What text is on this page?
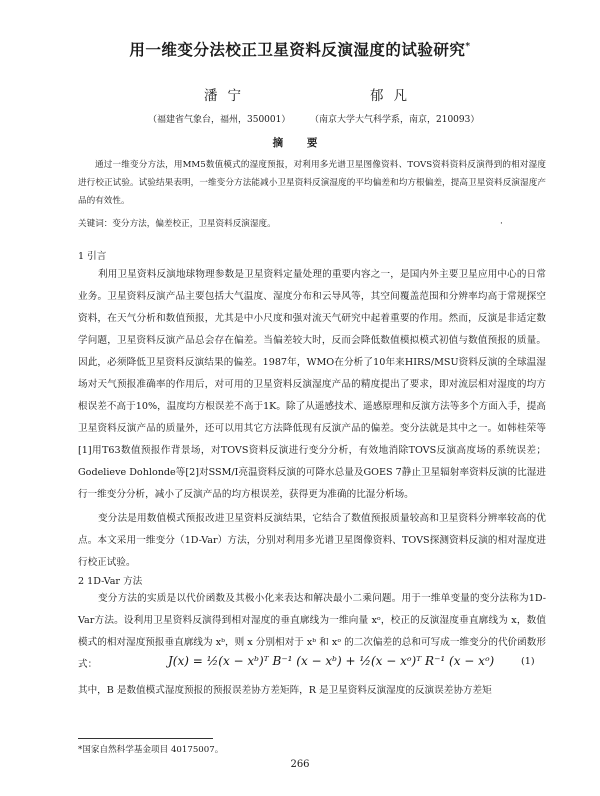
用一维变分法校正卫星资料反演湿度的试验研究*
潘宁	郁凡
（福建省气象台，福州，350001） （南京大学大气科学系，南京，210093）
摘 要

通过一维变分方法，用MM5数值模式的湿度预报，对利用多光谱卫星图像资料、TOVS资料资料反演得到的相对湿度进行校正试验。试验结果表明，一维变分方法能减小卫星资料反演湿度的平均偏差和均方根偏差，提高卫星资料反演湿度产品的有效性。

关键词：变分方法，偏差校正，卫星资料反演湿度。	·
1 引言

利用卫星资料反演地球物理参数是卫星资料定量处理的重要内容之一，是国内外主要卫星应用中心的日常业务。卫星资料反演产品主要包括大气温度、湿度分布和云导风等，其空间覆盖范围和分辨率均高于常规探空资料，在天气分析和数值预报，尤其是中小尺度和强对流天气研究中起着重要的作用。然而，反演是非适定数学问题，卫星资料反演产品总会存在偏差。当偏差较大时，反而会降低数值模拟模式初值与数值预报的质量。因此，必须降低卫星资料反演结果的偏差。1987年，WMO在分析了10年来HIRS/MSU资料反演的全球温湿场对天气预报准确率的作用后，对可用的卫星资料反演湿度产品的精度提出了要求，即对流层相对湿度的均方根误差不高于10%，温度均方根误差不高于1K。除了从遥感技术、遥感原理和反演方法等多个方面入手，提高卫星资料反演产品的质量外，还可以用其它方法降低现有反演产品的偏差。变分法就是其中之一。如韩桂荣等[1]用T63数值预报作背景场，对TOVS资料反演进行变分分析，有效地消除TOVS反演高度场的系统误差；Godelieve Dohlonde等[2]对SSM/I亮温资料反演的可降水总量及GOES 7静止卫星辐射率资料反演的比湿进行一维变分分析，减小了反演产品的均方根误差，获得更为准确的比湿分析场。

变分法是用数值模式预报改进卫星资料反演结果，它结合了数值预报质量较高和卫星资料分辨率较高的优点。本文采用一维变分（1D-Var）方法，分别对利用多光谱卫星图像资料、TOVS探测资料反演的相对湿度进行校正试验。

2 1D-Var 方法

变分方法的实质是以代价函数及其极小化来表达和解决最小二乘问题。用于一维单变量的变分法称为1D-Var方法。设利用卫星资料反演得到相对湿度的垂直廓线为一维向量 xᵒ，校正的反演湿度垂直廓线为 x，数值模式的相对湿度预报垂直廓线为 xᵇ，则 x 分别相对于 xᵇ 和 xᵒ 的二次偏差的总和可写成一维变分的代价函数形式：	J(x) = ½(x − xᵇ)ᵀ B⁻¹ (x − xᵇ) + ½(x − xᵒ)ᵀ R⁻¹ (x − xᵒ)	(1)

其中，B 是数值模式湿度预报的预报误差协方差矩阵，R 是卫星资料反演湿度的反演误差协方差矩

*国家自然科学基金项目 40175007。
266
